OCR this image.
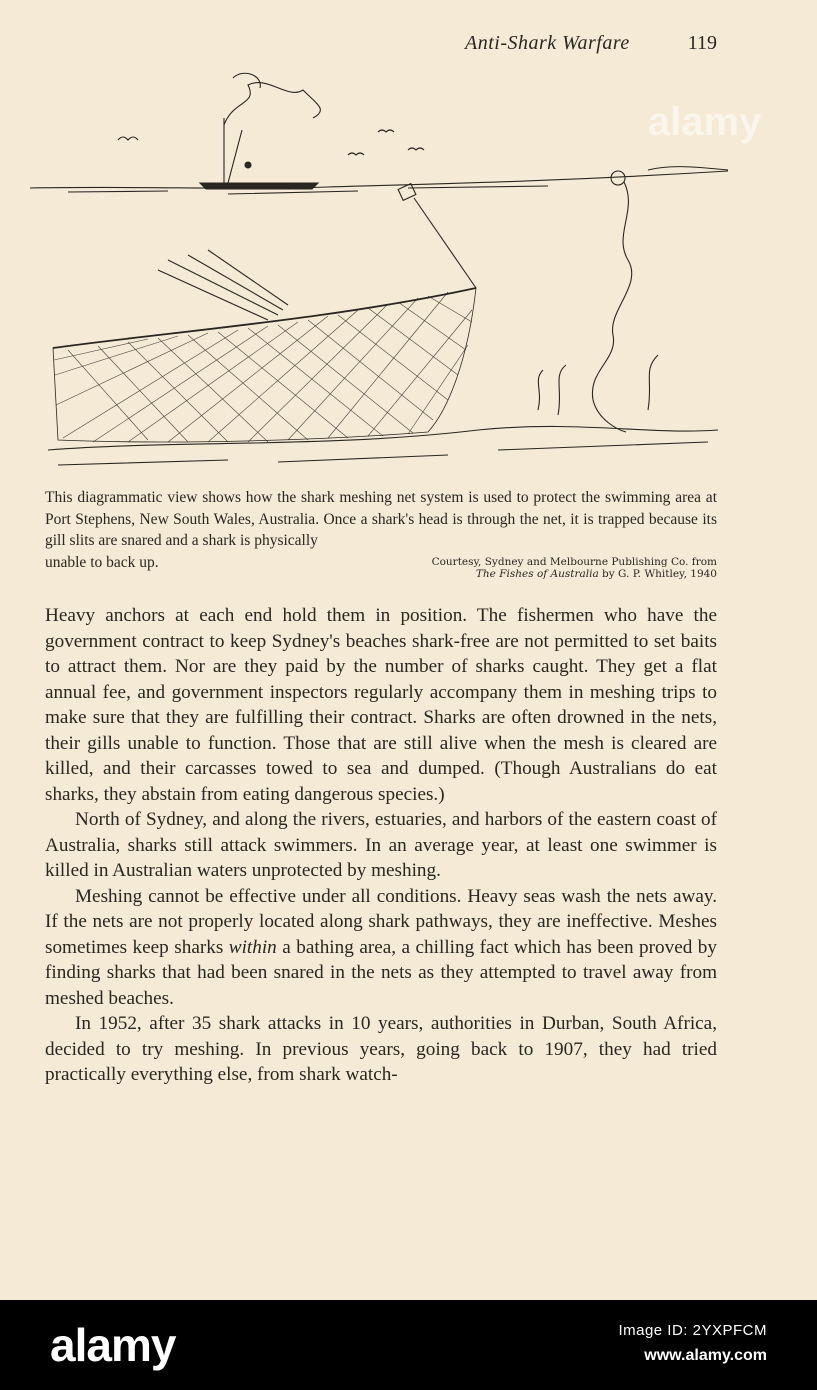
Anti-Shark Warfare	119
This diagrammatic view shows how the shark meshing net system is used to protect the swimming area at Port Stephens, New South Wales, Australia. Once a shark's head is through the net, it is trapped because its gill slits are snared and a shark is physically
unable to back up.	Courtesy, Sydney and Melbourne Publishing Co. from
The Fishes of Australia by G. P. Whitley, 1940

Heavy anchors at each end hold them in position. The fishermen who have the government contract to keep Sydney's beaches shark-free are not permitted to set baits to attract them. Nor are they paid by the number of sharks caught. They get a flat annual fee, and government inspectors regularly accompany them in meshing trips to make sure that they are fulfilling their contract. Sharks are often drowned in the nets, their gills unable to function. Those that are still alive when the mesh is cleared are killed, and their carcasses towed to sea and dumped. (Though Australians do eat sharks, they abstain from eating dangerous species.)

North of Sydney, and along the rivers, estuaries, and harbors of the eastern coast of Australia, sharks still attack swimmers. In an average year, at least one swimmer is killed in Australian waters unprotected by meshing.

Meshing cannot be effective under all conditions. Heavy seas wash the nets away. If the nets are not properly located along shark pathways, they are ineffective. Meshes sometimes keep sharks within a bathing area, a chilling fact which has been proved by finding sharks that had been snared in the nets as they attempted to travel away from meshed beaches.

In 1952, after 35 shark attacks in 10 years, authorities in Durban, South Africa, decided to try meshing. In previous years, going back to 1907, they had tried practically everything else, from shark watch-

alamy
alamy	Image ID: 2YXPFCM
www.alamy.com
